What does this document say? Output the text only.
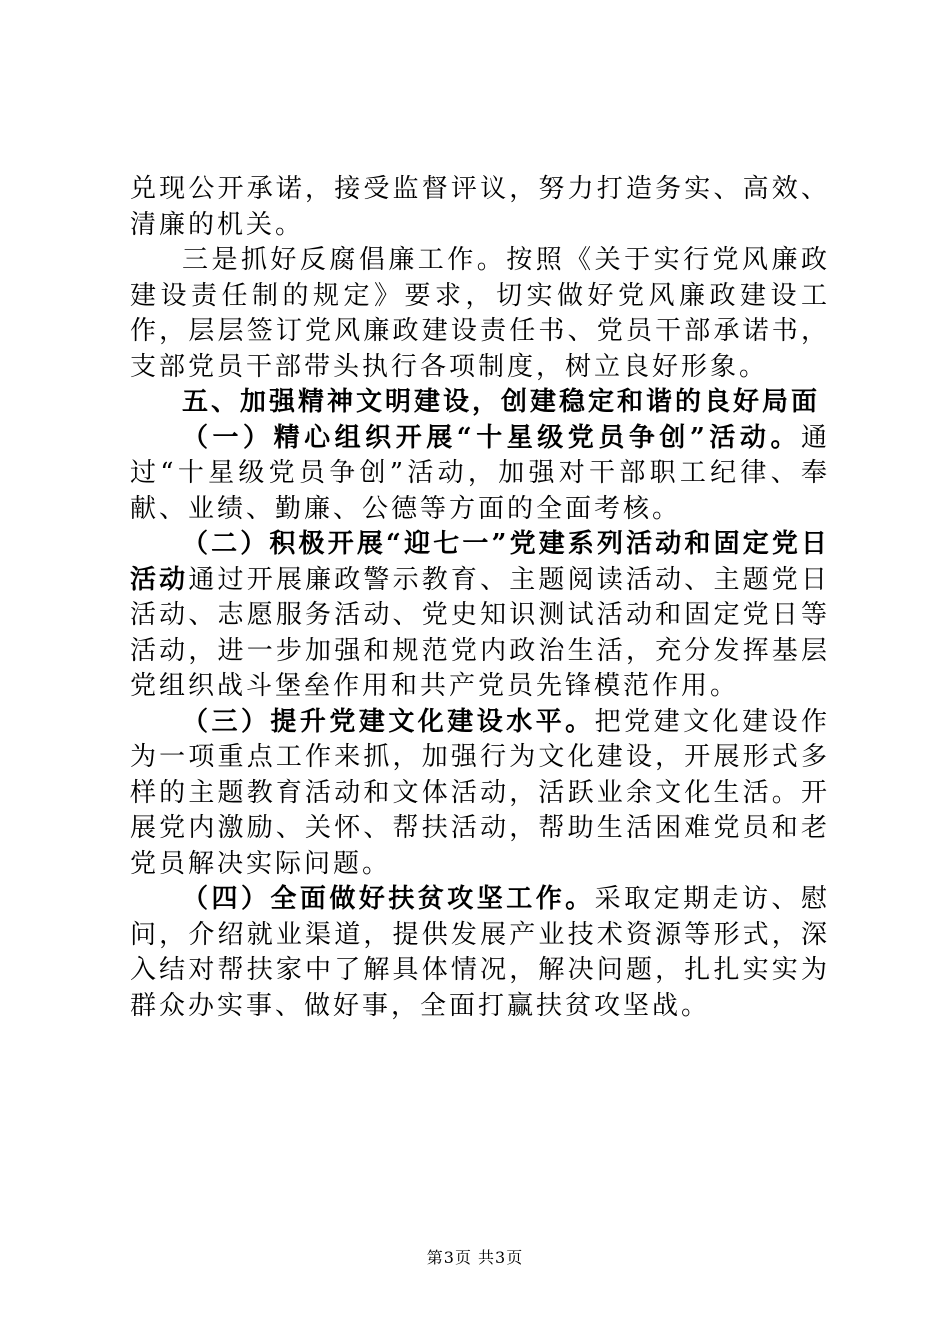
兑现公开承诺，接受监督评议，努力打造务实、高效、清廉的机关。

三是抓好反腐倡廉工作。按照《关于实行党风廉政建设责任制的规定》要求，切实做好党风廉政建设工作，层层签订党风廉政建设责任书、党员干部承诺书，支部党员干部带头执行各项制度，树立良好形象。

五、加强精神文明建设，创建稳定和谐的良好局面

（一）精心组织开展“十星级党员争创”活动。通过“十星级党员争创”活动，加强对干部职工纪律、奉献、业绩、勤廉、公德等方面的全面考核。

（二）积极开展“迎七一”党建系列活动和固定党日活动通过开展廉政警示教育、主题阅读活动、主题党日活动、志愿服务活动、党史知识测试活动和固定党日等活动，进一步加强和规范党内政治生活，充分发挥基层党组织战斗堡垒作用和共产党员先锋模范作用。

（三）提升党建文化建设水平。把党建文化建设作为一项重点工作来抓，加强行为文化建设，开展形式多样的主题教育活动和文体活动，活跃业余文化生活。开展党内激励、关怀、帮扶活动，帮助生活困难党员和老党员解决实际问题。

（四）全面做好扶贫攻坚工作。采取定期走访、慰问，介绍就业渠道，提供发展产业技术资源等形式，深入结对帮扶家中了解具体情况，解决问题，扎扎实实为群众办实事、做好事，全面打赢扶贫攻坚战。

第3页 共3页
